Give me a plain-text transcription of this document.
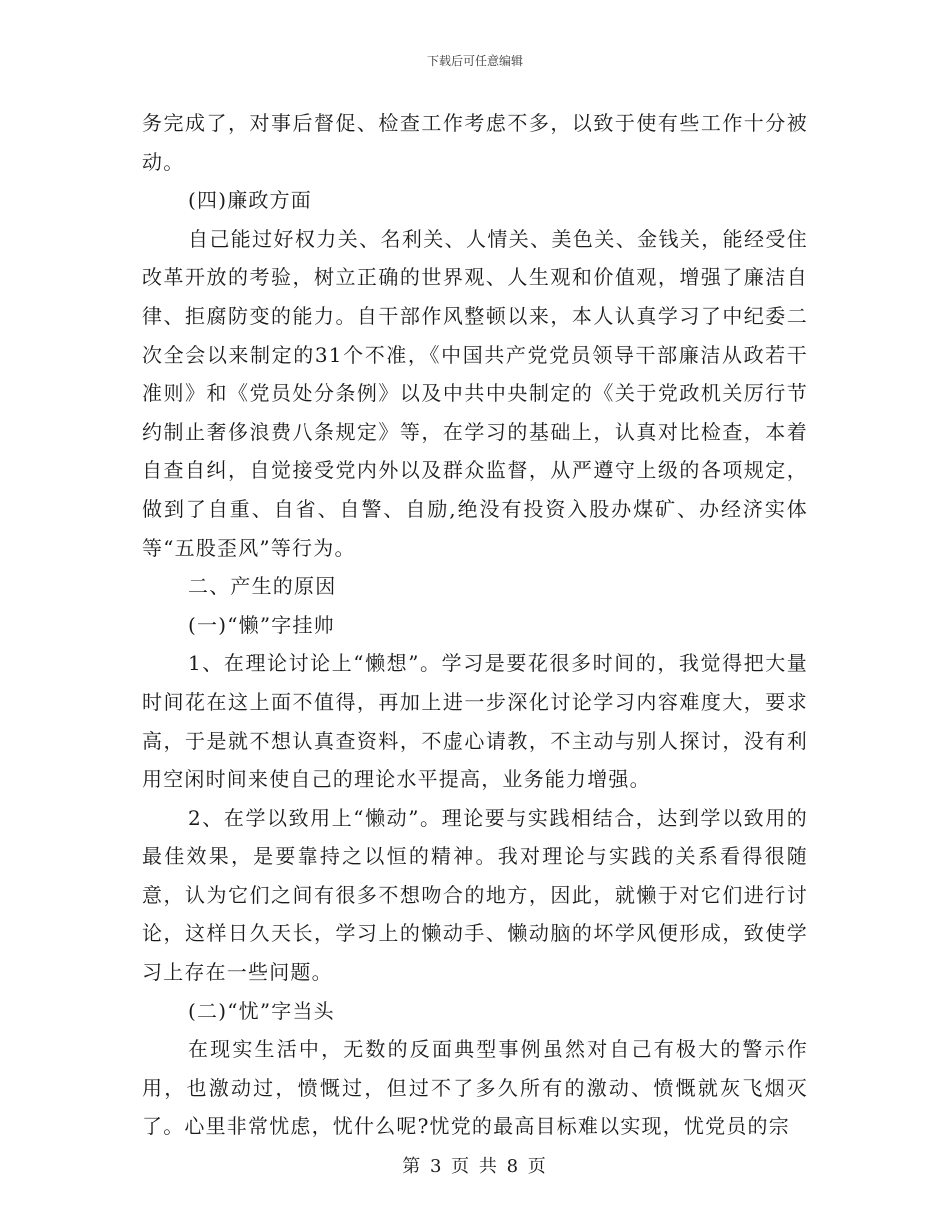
下载后可任意编辑

务完成了，对事后督促、检查工作考虑不多，以致于使有些工作十分被动。

(四)廉政方面

自己能过好权力关、名利关、人情关、美色关、金钱关，能经受住改革开放的考验，树立正确的世界观、人生观和价值观，增强了廉洁自律、拒腐防变的能力。自干部作风整顿以来，本人认真学习了中纪委二次全会以来制定的31个不准，《中国共产党党员领导干部廉洁从政若干准则》和《党员处分条例》以及中共中央制定的《关于党政机关厉行节约制止奢侈浪费八条规定》等，在学习的基础上，认真对比检查，本着自查自纠，自觉接受党内外以及群众监督，从严遵守上级的各项规定，做到了自重、自省、自警、自励,绝没有投资入股办煤矿、办经济实体等“五股歪风”等行为。

二、产生的原因

(一)“懒”字挂帅

1、在理论讨论上“懒想”。学习是要花很多时间的，我觉得把大量时间花在这上面不值得，再加上进一步深化讨论学习内容难度大，要求高，于是就不想认真查资料，不虚心请教，不主动与别人探讨，没有利用空闲时间来使自己的理论水平提高，业务能力增强。

2、在学以致用上“懒动”。理论要与实践相结合，达到学以致用的最佳效果，是要靠持之以恒的精神。我对理论与实践的关系看得很随意，认为它们之间有很多不想吻合的地方，因此，就懒于对它们进行讨论，这样日久天长，学习上的懒动手、懒动脑的坏学风便形成，致使学习上存在一些问题。

(二)“忧”字当头

在现实生活中，无数的反面典型事例虽然对自己有极大的警示作用，也激动过，愤慨过，但过不了多久所有的激动、愤慨就灰飞烟灭了。心里非常忧虑，忧什么呢?忧党的最高目标难以实现，忧党员的宗

第 3 页 共 8 页
